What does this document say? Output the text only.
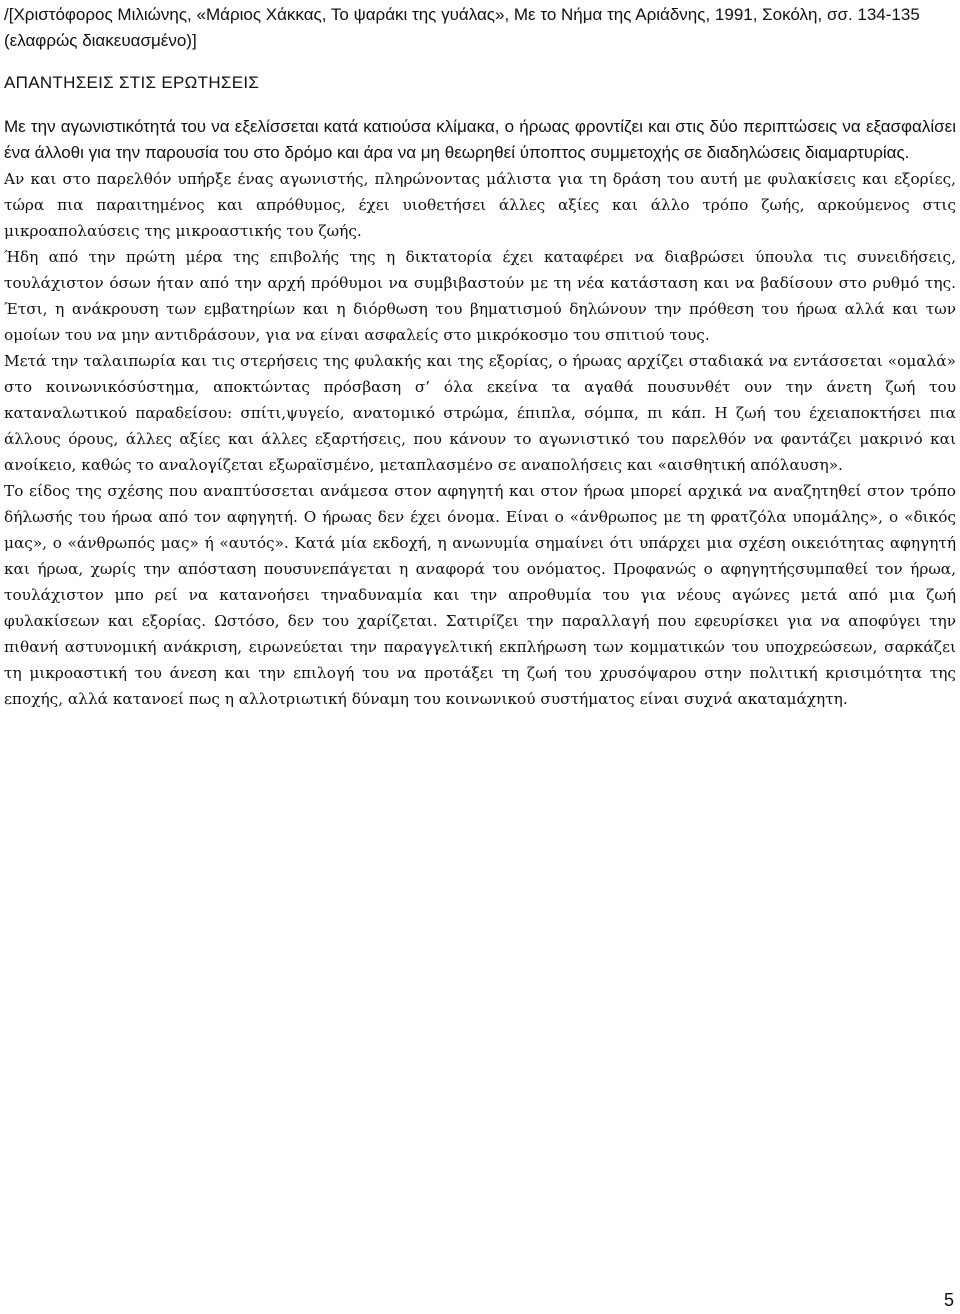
/[Χριστόφορος Μιλιώνης, «Μάριος Χάκκας, Το ψαράκι της γυάλας», Με το Νήμα της Αριάδνης, 1991, Σοκόλη, σσ. 134-135 (ελαφρώς διακευασμένο)]

ΑΠΑΝΤΗΣΕΙΣ ΣΤΙΣ ΕΡΩΤΗΣΕΙΣ

Με την αγωνιστικότητά του να εξελίσσεται κατά κατιούσα κλίμακα, ο ήρωας φροντίζει και στις δύο περιπτώσεις να εξασφαλίσει ένα άλλοθι για την παρουσία του στο δρόμο και άρα να μη θεωρηθεί ύποπτος συμμετοχής σε διαδηλώσεις διαμαρτυρίας.

Αν και στο παρελθόν υπήρξε ένας αγωνιστής, πληρώνοντας μάλιστα για τη δράση του αυτή με φυλακίσεις και εξορίες, τώρα πια παραιτημένος και απρόθυμος, έχει υιοθετήσει άλλες αξίες και άλλο τρόπο ζωής, αρκούμενος στις μικροαπολαύσεις της μικροαστικής του ζωής.

Ήδη από την πρώτη μέρα της επιβολής της η δικτατορία έχει καταφέρει να διαβρώσει ύπουλα τις συνειδήσεις, τουλάχιστον όσων ήταν από την αρχή πρόθυμοι να συμβιβαστούν με τη νέα κατάσταση και να βαδίσουν στο ρυθμό της. Έτσι, η ανάκρουση των εμβατηρίων και η διόρθωση του βηματισμού δηλώνουν την πρόθεση του ήρωα αλλά και των ομοίων του να μην αντιδράσουν, για να είναι ασφαλείς στο μικρόκοσμο του σπιτιού τους.

Μετά την ταλαιπωρία και τις στερήσεις της φυλακής και της εξορίας, ο ήρωας αρχίζει σταδιακά να εντάσσεται «ομαλά» στο κοινωνικόσύστημα, αποκτώντας πρόσβαση σ’ όλα εκείνα τα αγαθά πουσυνθέτ ουν την άνετη ζωή του καταναλωτικού παραδείσου: σπίτι,ψυγείο, ανατομικό στρώμα, έπιπλα, σόμπα, πι κάπ. Η ζωή του έχειαποκτήσει πια άλλους όρους, άλλες αξίες και άλλες εξαρτήσεις, που κάνουν το αγωνιστικό του παρελθόν να φαντάζει μακρινό και ανοίκειο, καθώς το αναλογίζεται εξωραϊσμένο, μεταπλασμένο σε αναπολήσεις και «αισθητική απόλαυση».

Το είδος της σχέσης που αναπτύσσεται ανάμεσα στον αφηγητή και στον ήρωα μπορεί αρχικά να αναζητηθεί στον τρόπο δήλωσής του ήρωα από τον αφηγητή. Ο ήρωας δεν έχει όνομα. Είναι ο «άνθρωπος με τη φρατζόλα υπομάλης», ο «δικός μας», ο «άνθρωπός μας» ή «αυτός». Κατά μία εκδοχή, η ανωνυμία σημαίνει ότι υπάρχει μια σχέση οικειότητας αφηγητή και ήρωα, χωρίς την απόσταση πουσυνεπάγεται η αναφορά του ονόματος. Προφανώς ο αφηγητήςσυμπαθεί τον ήρωα, τουλάχιστον μπο ρεί να κατανοήσει τηναδυναμία και την απροθυμία του για νέους αγώνες μετά από μια ζωή φυλακίσεων και εξορίας. Ωστόσο, δεν του χαρίζεται. Σατιρίζει την παραλλαγή που εφευρίσκει για να αποφύγει την πιθανή αστυνομική ανάκριση, ειρωνεύεται την παραγγελτική εκπλήρωση των κομματικών του υποχρεώσεων, σαρκάζει τη μικροαστική του άνεση και την επιλογή του να προτάξει τη ζωή του χρυσόψαρου στην πολιτική κρισιμότητα της εποχής, αλλά κατανοεί πως η αλλοτριωτική δύναμη του κοινωνικού συστήματος είναι συχνά ακαταμάχητη.

5
